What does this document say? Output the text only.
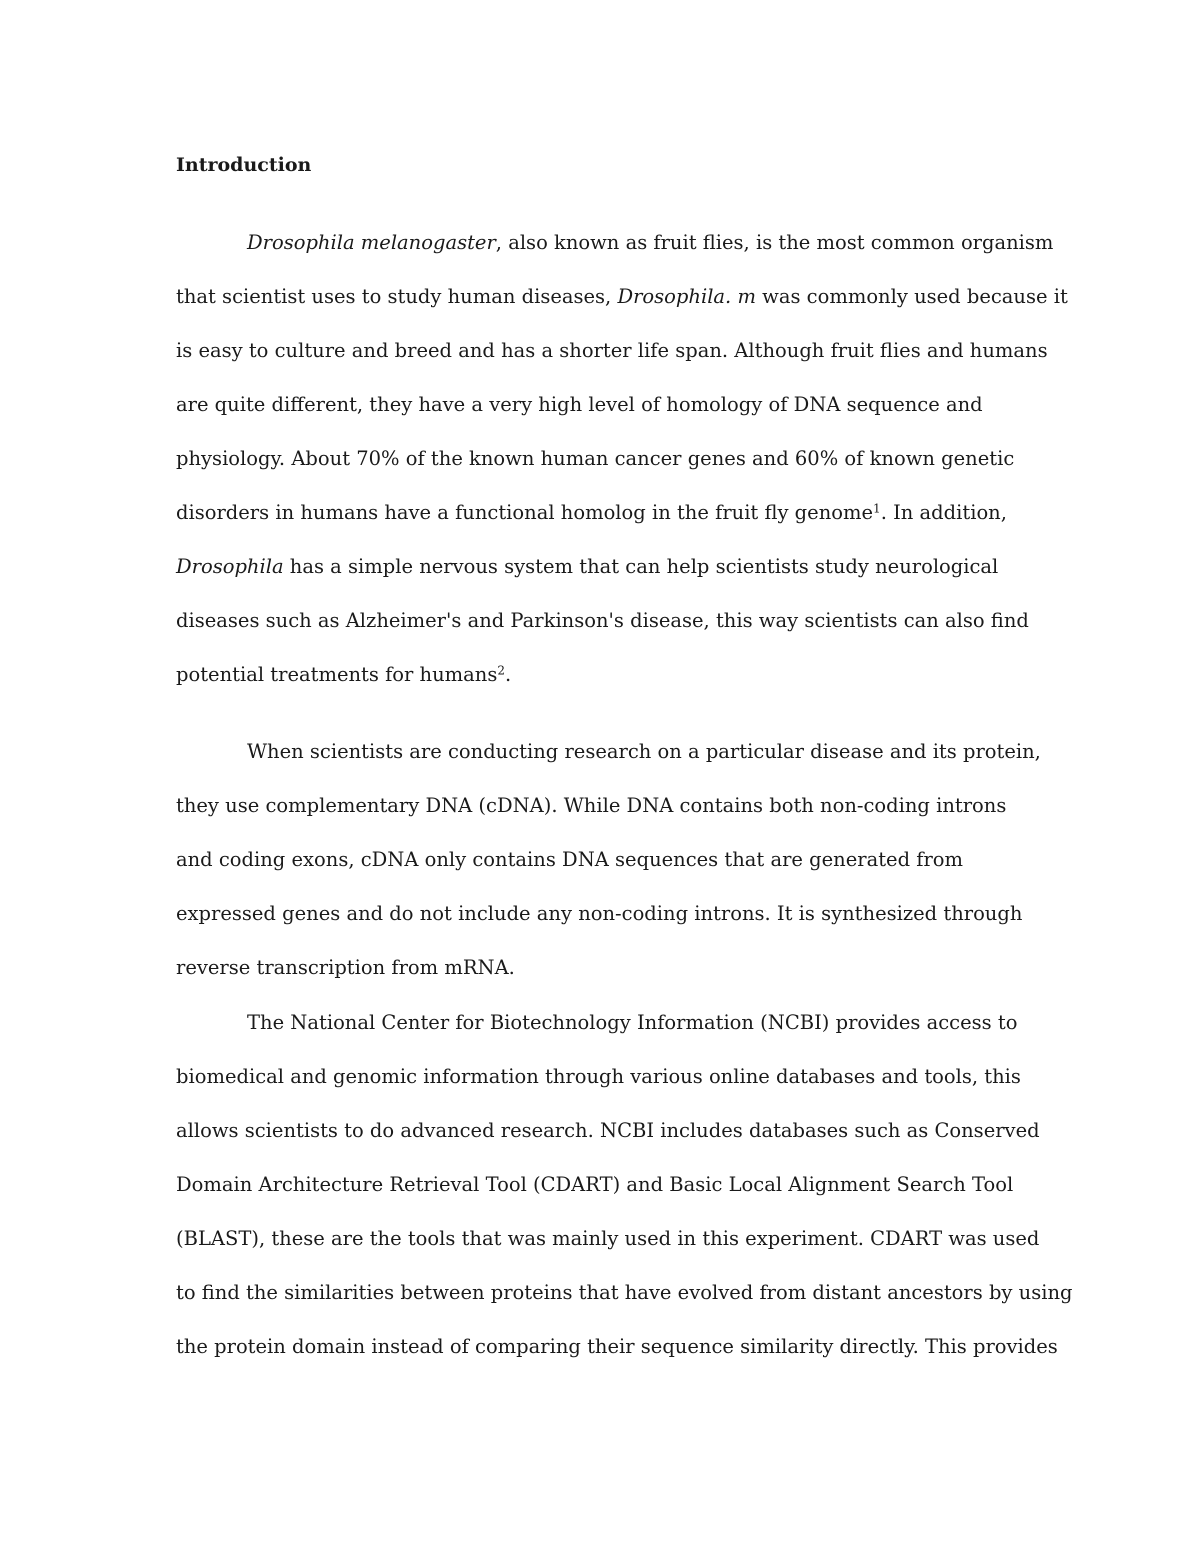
Introduction
Drosophila melanogaster, also known as fruit flies, is the most common organism
that scientist uses to study human diseases, Drosophila. m was commonly used because it
is easy to culture and breed and has a shorter life span. Although fruit flies and humans
are quite different, they have a very high level of homology of DNA sequence and
physiology. About 70% of the known human cancer genes and 60% of known genetic
disorders in humans have a functional homolog in the fruit fly genome$^1$. In addition,
Drosophila has a simple nervous system that can help scientists study neurological
diseases such as Alzheimer's and Parkinson's disease, this way scientists can also find
potential treatments for humans$^2$.
When scientists are conducting research on a particular disease and its protein,
they use complementary DNA (cDNA). While DNA contains both non-coding introns
and coding exons, cDNA only contains DNA sequences that are generated from
expressed genes and do not include any non-coding introns. It is synthesized through
reverse transcription from mRNA.
The National Center for Biotechnology Information (NCBI) provides access to
biomedical and genomic information through various online databases and tools, this
allows scientists to do advanced research. NCBI includes databases such as Conserved
Domain Architecture Retrieval Tool (CDART) and Basic Local Alignment Search Tool
(BLAST), these are the tools that was mainly used in this experiment. CDART was used
to find the similarities between proteins that have evolved from distant ancestors by using
the protein domain instead of comparing their sequence similarity directly. This provides
